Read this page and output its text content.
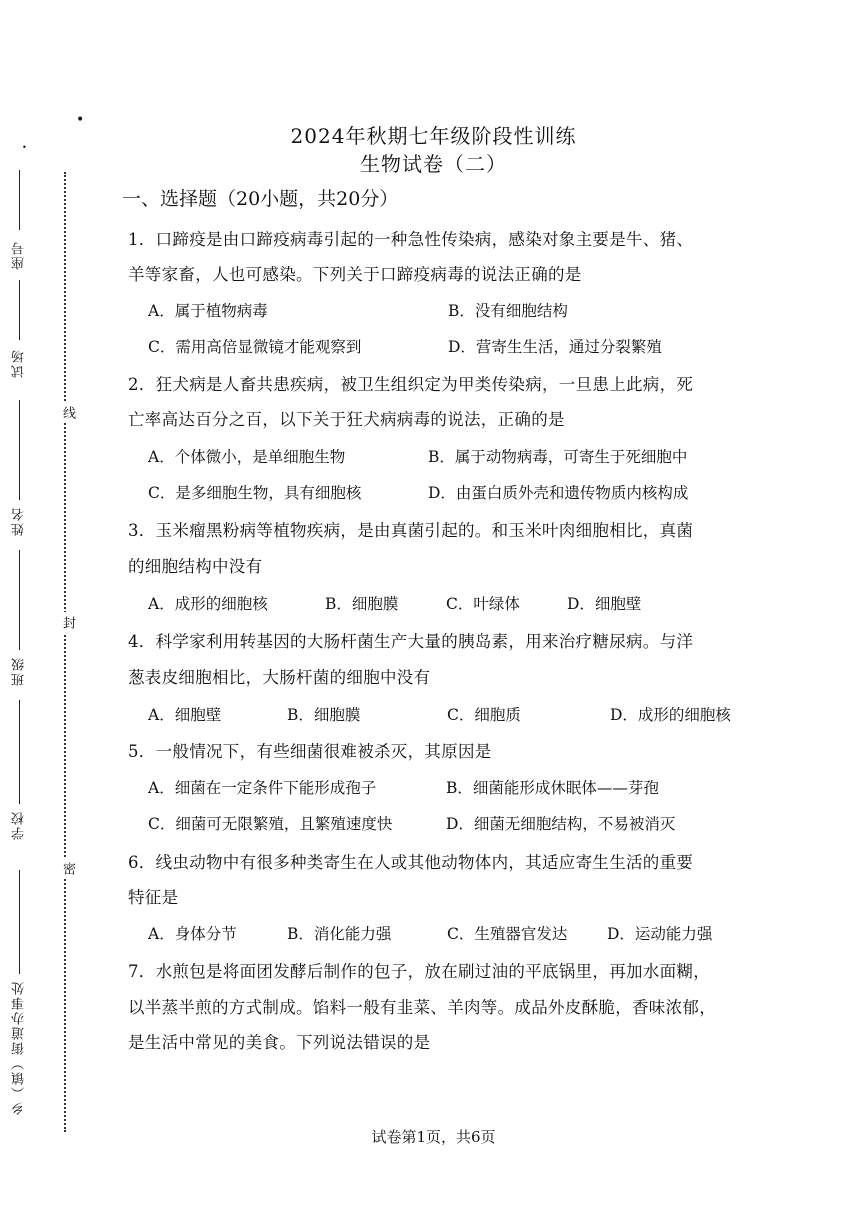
座号
试场
姓名
班级
学校
乡（镇）街道办事处
线
封
密
2024年秋期七年级阶段性训练
生物试卷（二）
一、选择题（20小题，共20分）
1．口蹄疫是由口蹄疫病毒引起的一种急性传染病，感染对象主要是牛、猪、
羊等家畜，人也可感染。下列关于口蹄疫病毒的说法正确的是
A．属于植物病毒	B．没有细胞结构
C．需用高倍显微镜才能观察到	D．营寄生生活，通过分裂繁殖
2．狂犬病是人畜共患疾病，被卫生组织定为甲类传染病，一旦患上此病，死
亡率高达百分之百，以下关于狂犬病病毒的说法，正确的是
A．个体微小，是单细胞生物	B．属于动物病毒，可寄生于死细胞中
C．是多细胞生物，具有细胞核	D．由蛋白质外壳和遗传物质内核构成
3．玉米瘤黑粉病等植物疾病，是由真菌引起的。和玉米叶肉细胞相比，真菌
的细胞结构中没有
A．成形的细胞核	B．细胞膜	C．叶绿体	D．细胞壁
4．科学家利用转基因的大肠杆菌生产大量的胰岛素，用来治疗糖尿病。与洋
葱表皮细胞相比，大肠杆菌的细胞中没有
A．细胞壁	B．细胞膜	C．细胞质	D．成形的细胞核
5．一般情况下，有些细菌很难被杀灭，其原因是
A．细菌在一定条件下能形成孢子	B．细菌能形成休眠体——芽孢
C．细菌可无限繁殖，且繁殖速度快	D．细菌无细胞结构，不易被消灭
6．线虫动物中有很多种类寄生在人或其他动物体内，其适应寄生生活的重要
特征是
A．身体分节	B．消化能力强	C．生殖器官发达	D．运动能力强
7．水煎包是将面团发酵后制作的包子，放在刷过油的平底锅里，再加水面糊，
以半蒸半煎的方式制成。馅料一般有韭菜、羊肉等。成品外皮酥脆，香味浓郁，
是生活中常见的美食。下列说法错误的是
试卷第1页，共6页
•
•
